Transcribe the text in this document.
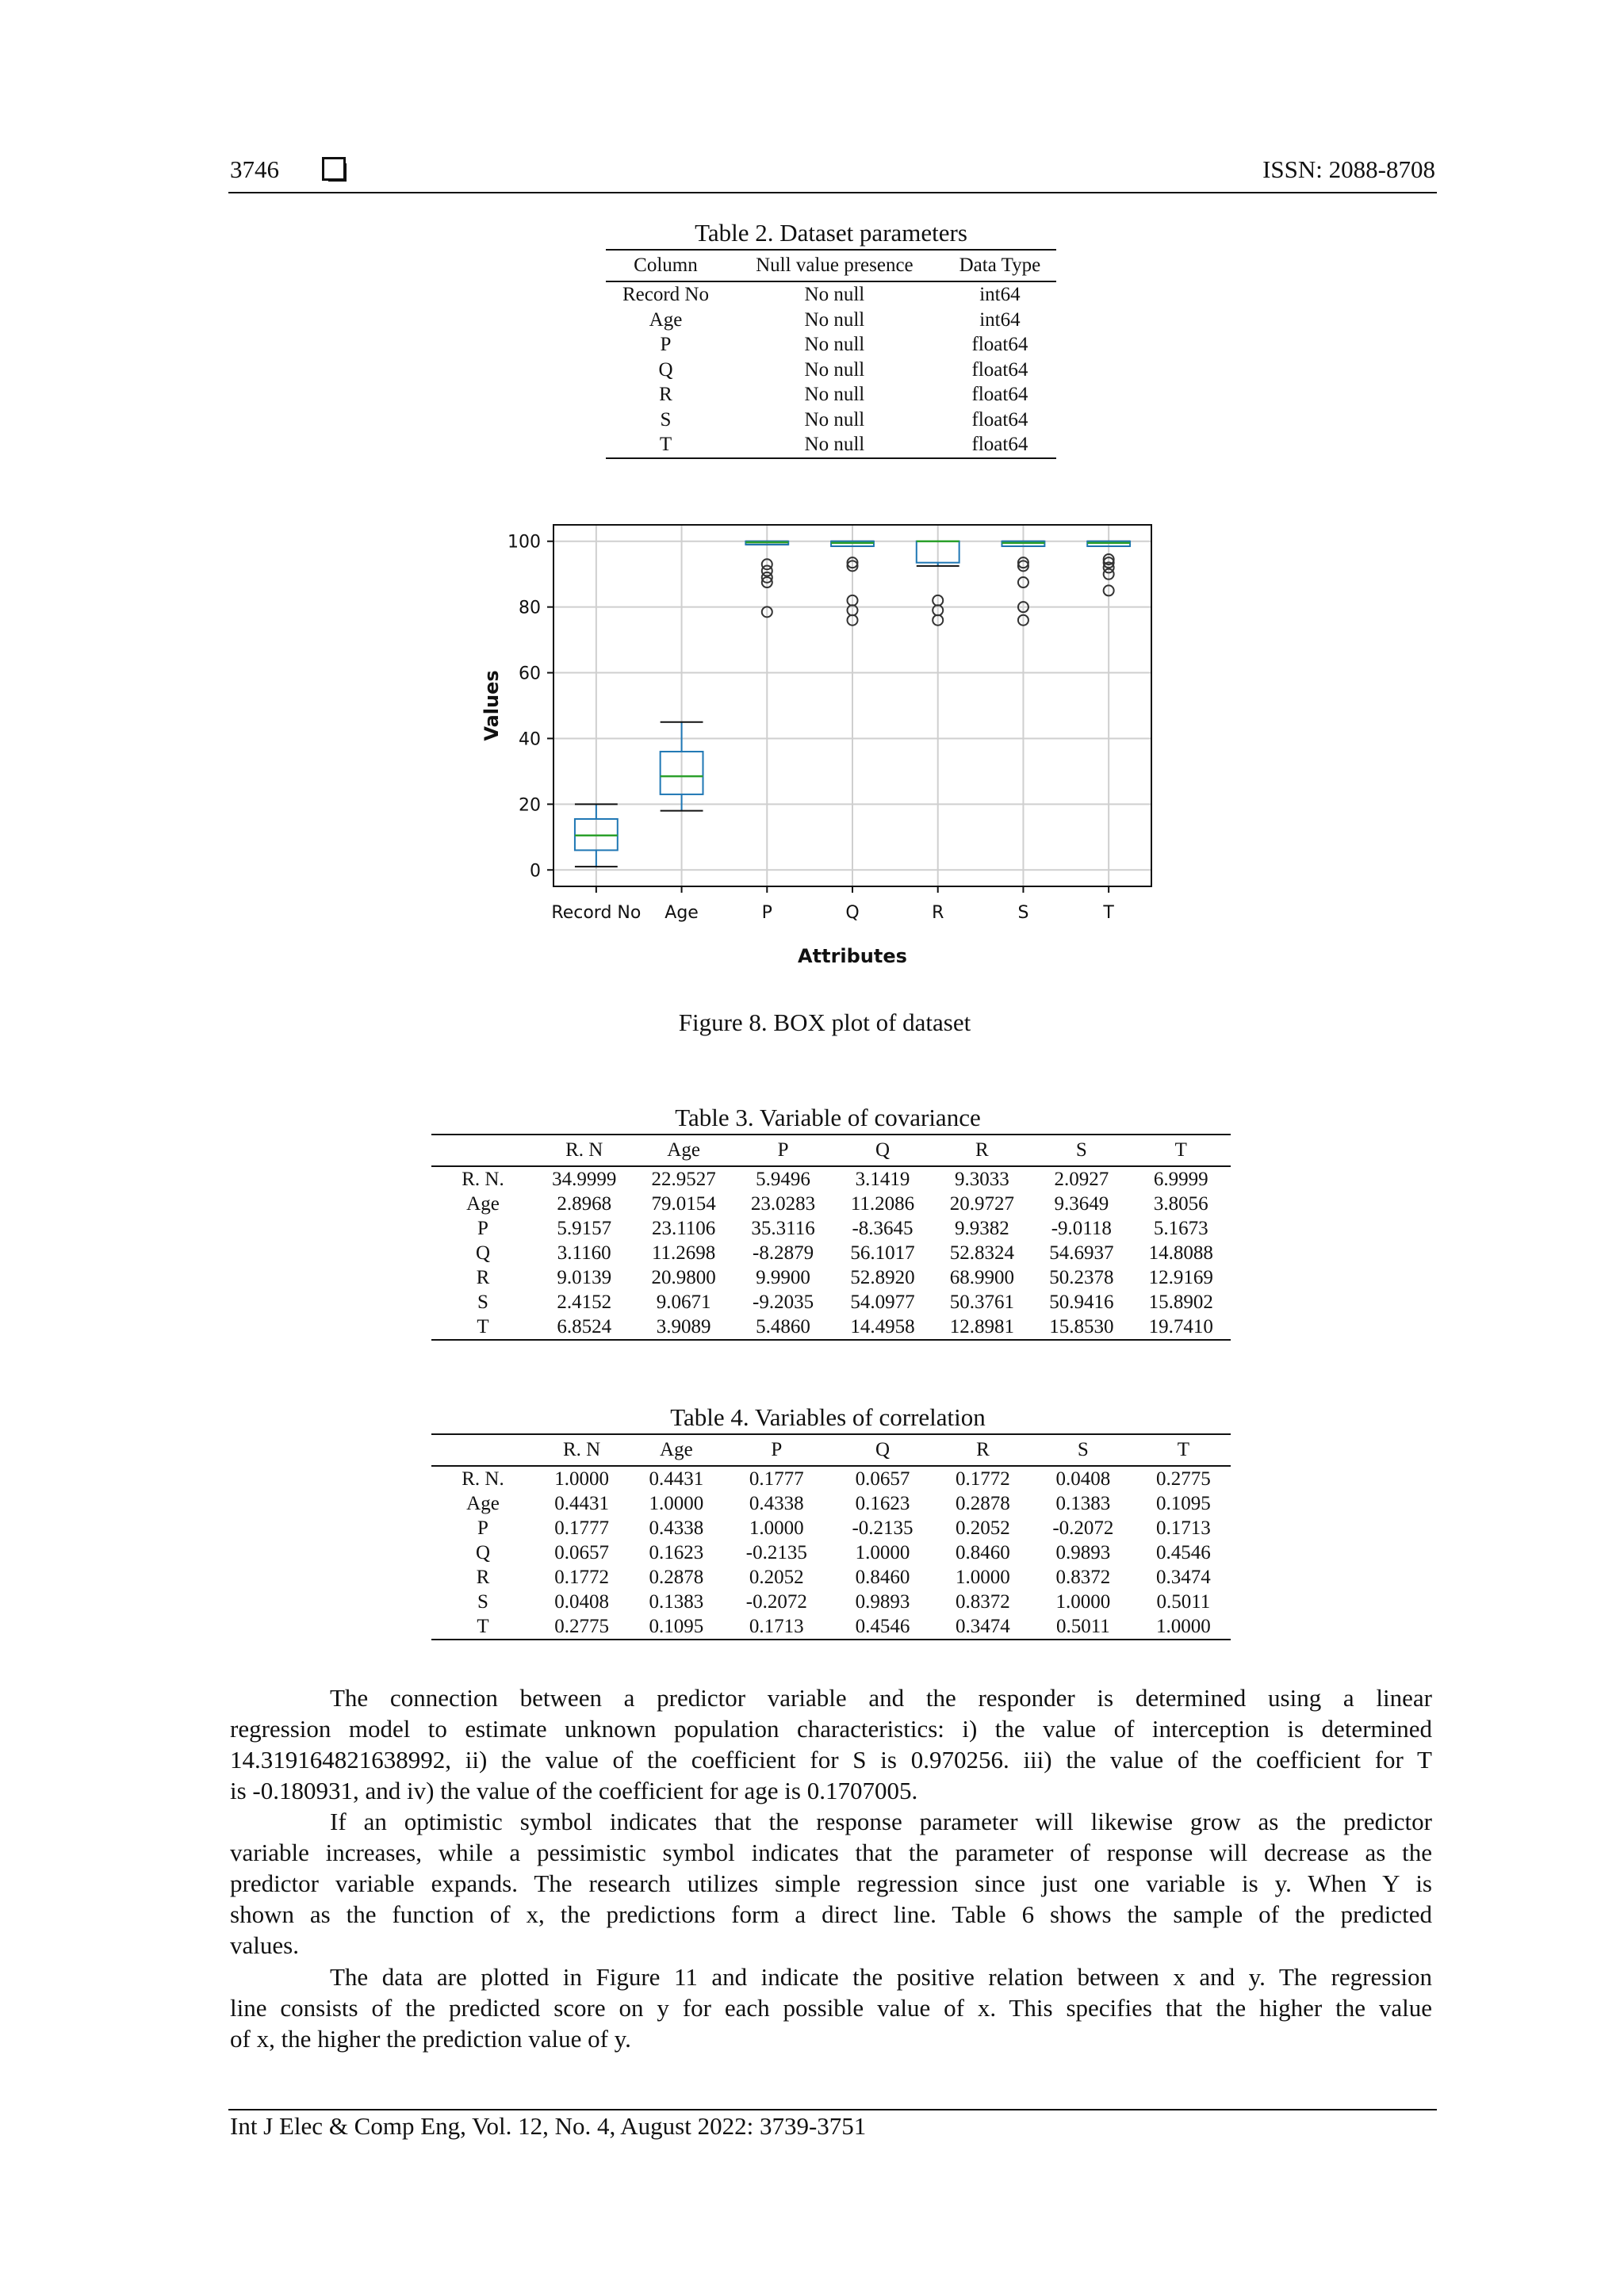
3746	ISSN: 2088-8708
Table 2. Dataset parameters
Column	Null value presence	Data Type
Record No	No null	int64
Age	No null	int64
P	No null	float64
Q	No null	float64
R	No null	float64
S	No null	float64
T	No null	float64
0
20
40
60
80
100
Record No Age	P	Q	R	S	T
Attributes
Values
Figure 8. BOX plot of dataset
Table 3. Variable of covariance
	R. N	Age	P	Q	R	S	T
R. N.	34.9999	22.9527	5.9496	3.1419	9.3033	2.0927	6.9999
Age	2.8968	79.0154	23.0283	11.2086	20.9727	9.3649	3.8056
P	5.9157	23.1106	35.3116	-8.3645	9.9382	-9.0118	5.1673
Q	3.1160	11.2698	-8.2879	56.1017	52.8324	54.6937	14.8088
R	9.0139	20.9800	9.9900	52.8920	68.9900	50.2378	12.9169
S	2.4152	9.0671	-9.2035	54.0977	50.3761	50.9416	15.8902
T	6.8524	3.9089	5.4860	14.4958	12.8981	15.8530	19.7410
Table 4. Variables of correlation
	R. N	Age	P	Q	R	S	T
R. N.	1.0000	0.4431	0.1777	0.0657	0.1772	0.0408	0.2775
Age	0.4431	1.0000	0.4338	0.1623	0.2878	0.1383	0.1095
P	0.1777	0.4338	1.0000	-0.2135	0.2052	-0.2072	0.1713
Q	0.0657	0.1623	-0.2135	1.0000	0.8460	0.9893	0.4546
R	0.1772	0.2878	0.2052	0.8460	1.0000	0.8372	0.3474
S	0.0408	0.1383	-0.2072	0.9893	0.8372	1.0000	0.5011
T	0.2775	0.1095	0.1713	0.4546	0.3474	0.5011	1.0000
The connection between a predictor variable and the responder is determined using a linear
regression model to estimate unknown population characteristics: i) the value of interception is determined
14.319164821638992, ii) the value of the coefficient for S is 0.970256. iii) the value of the coefficient for T
is -0.180931, and iv) the value of the coefficient for age is 0.1707005.
If an optimistic symbol indicates that the response parameter will likewise grow as the predictor
variable increases, while a pessimistic symbol indicates that the parameter of response will decrease as the
predictor variable expands. The research utilizes simple regression since just one variable is y. When Y is
shown as the function of x, the predictions form a direct line. Table 6 shows the sample of the predicted
values.
The data are plotted in Figure 11 and indicate the positive relation between x and y. The regression
line consists of the predicted score on y for each possible value of x. This specifies that the higher the value
of x, the higher the prediction value of y.
Int J Elec & Comp Eng, Vol. 12, No. 4, August 2022: 3739-3751
